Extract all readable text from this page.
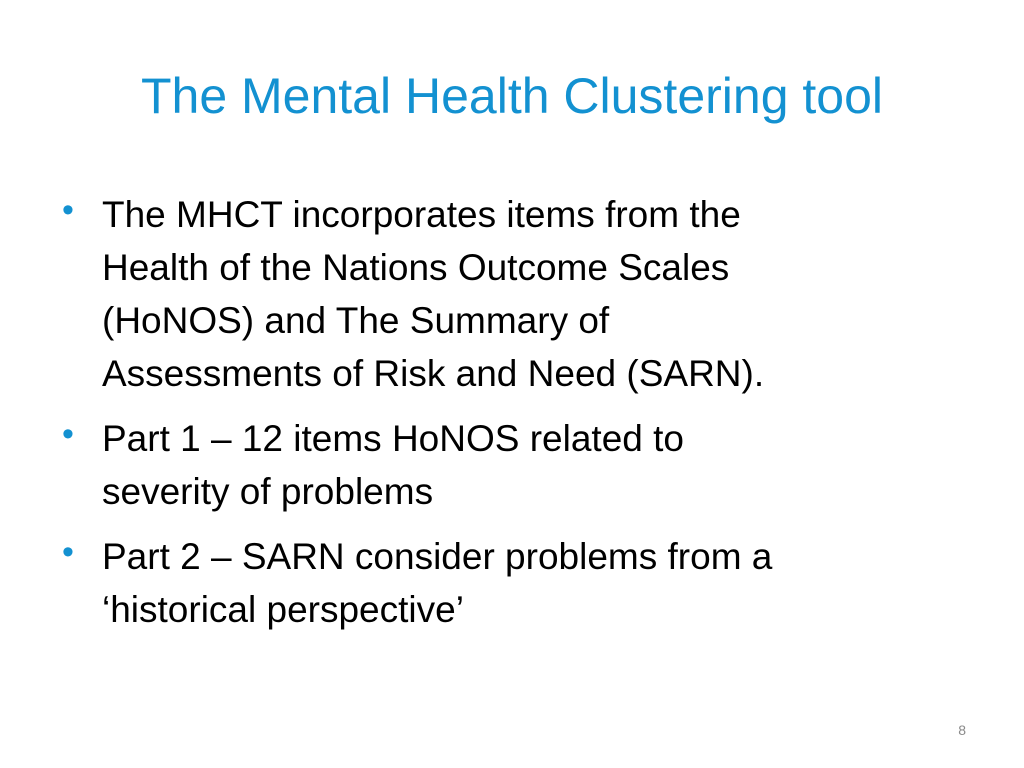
The Mental Health Clustering tool
• The MHCT incorporates items from the
Health of the Nations Outcome Scales
(HoNOS) and The Summary of
Assessments of Risk and Need (SARN).
• Part 1 – 12 items HoNOS related to
severity of problems
• Part 2 – SARN consider problems from a
‘historical perspective’
8
